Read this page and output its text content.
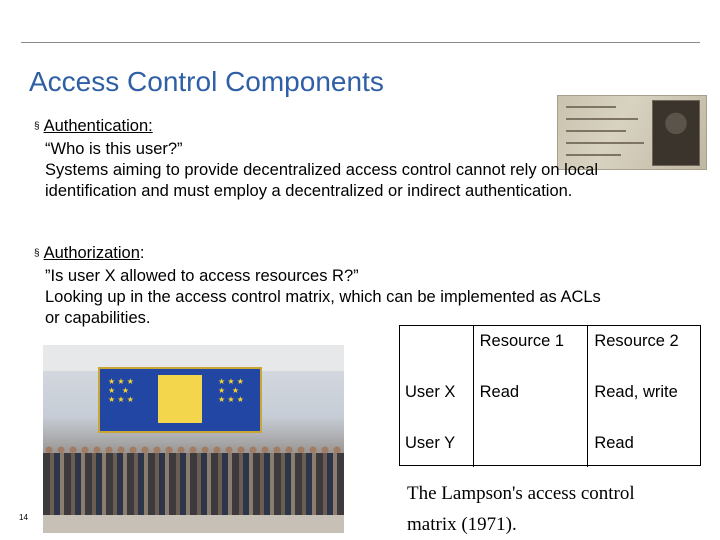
Access Control Components
§ Authentication:
“Who is this user?”
Systems aiming to provide decentralized access control cannot rely on local
identification and must employ a decentralized or indirect authentication.
§ Authorization:
”Is user X allowed to access resources R?”
Looking up in the access control matrix, which can be implemented as ACLs
or capabilities.
★ ★ ★
★   ★
★ ★ ★
★ ★ ★
★   ★
★ ★ ★
	Resource 1	Resource 2
User X	Read	Read, write
User Y		Read
The Lampson's access control
matrix (1971).
14
